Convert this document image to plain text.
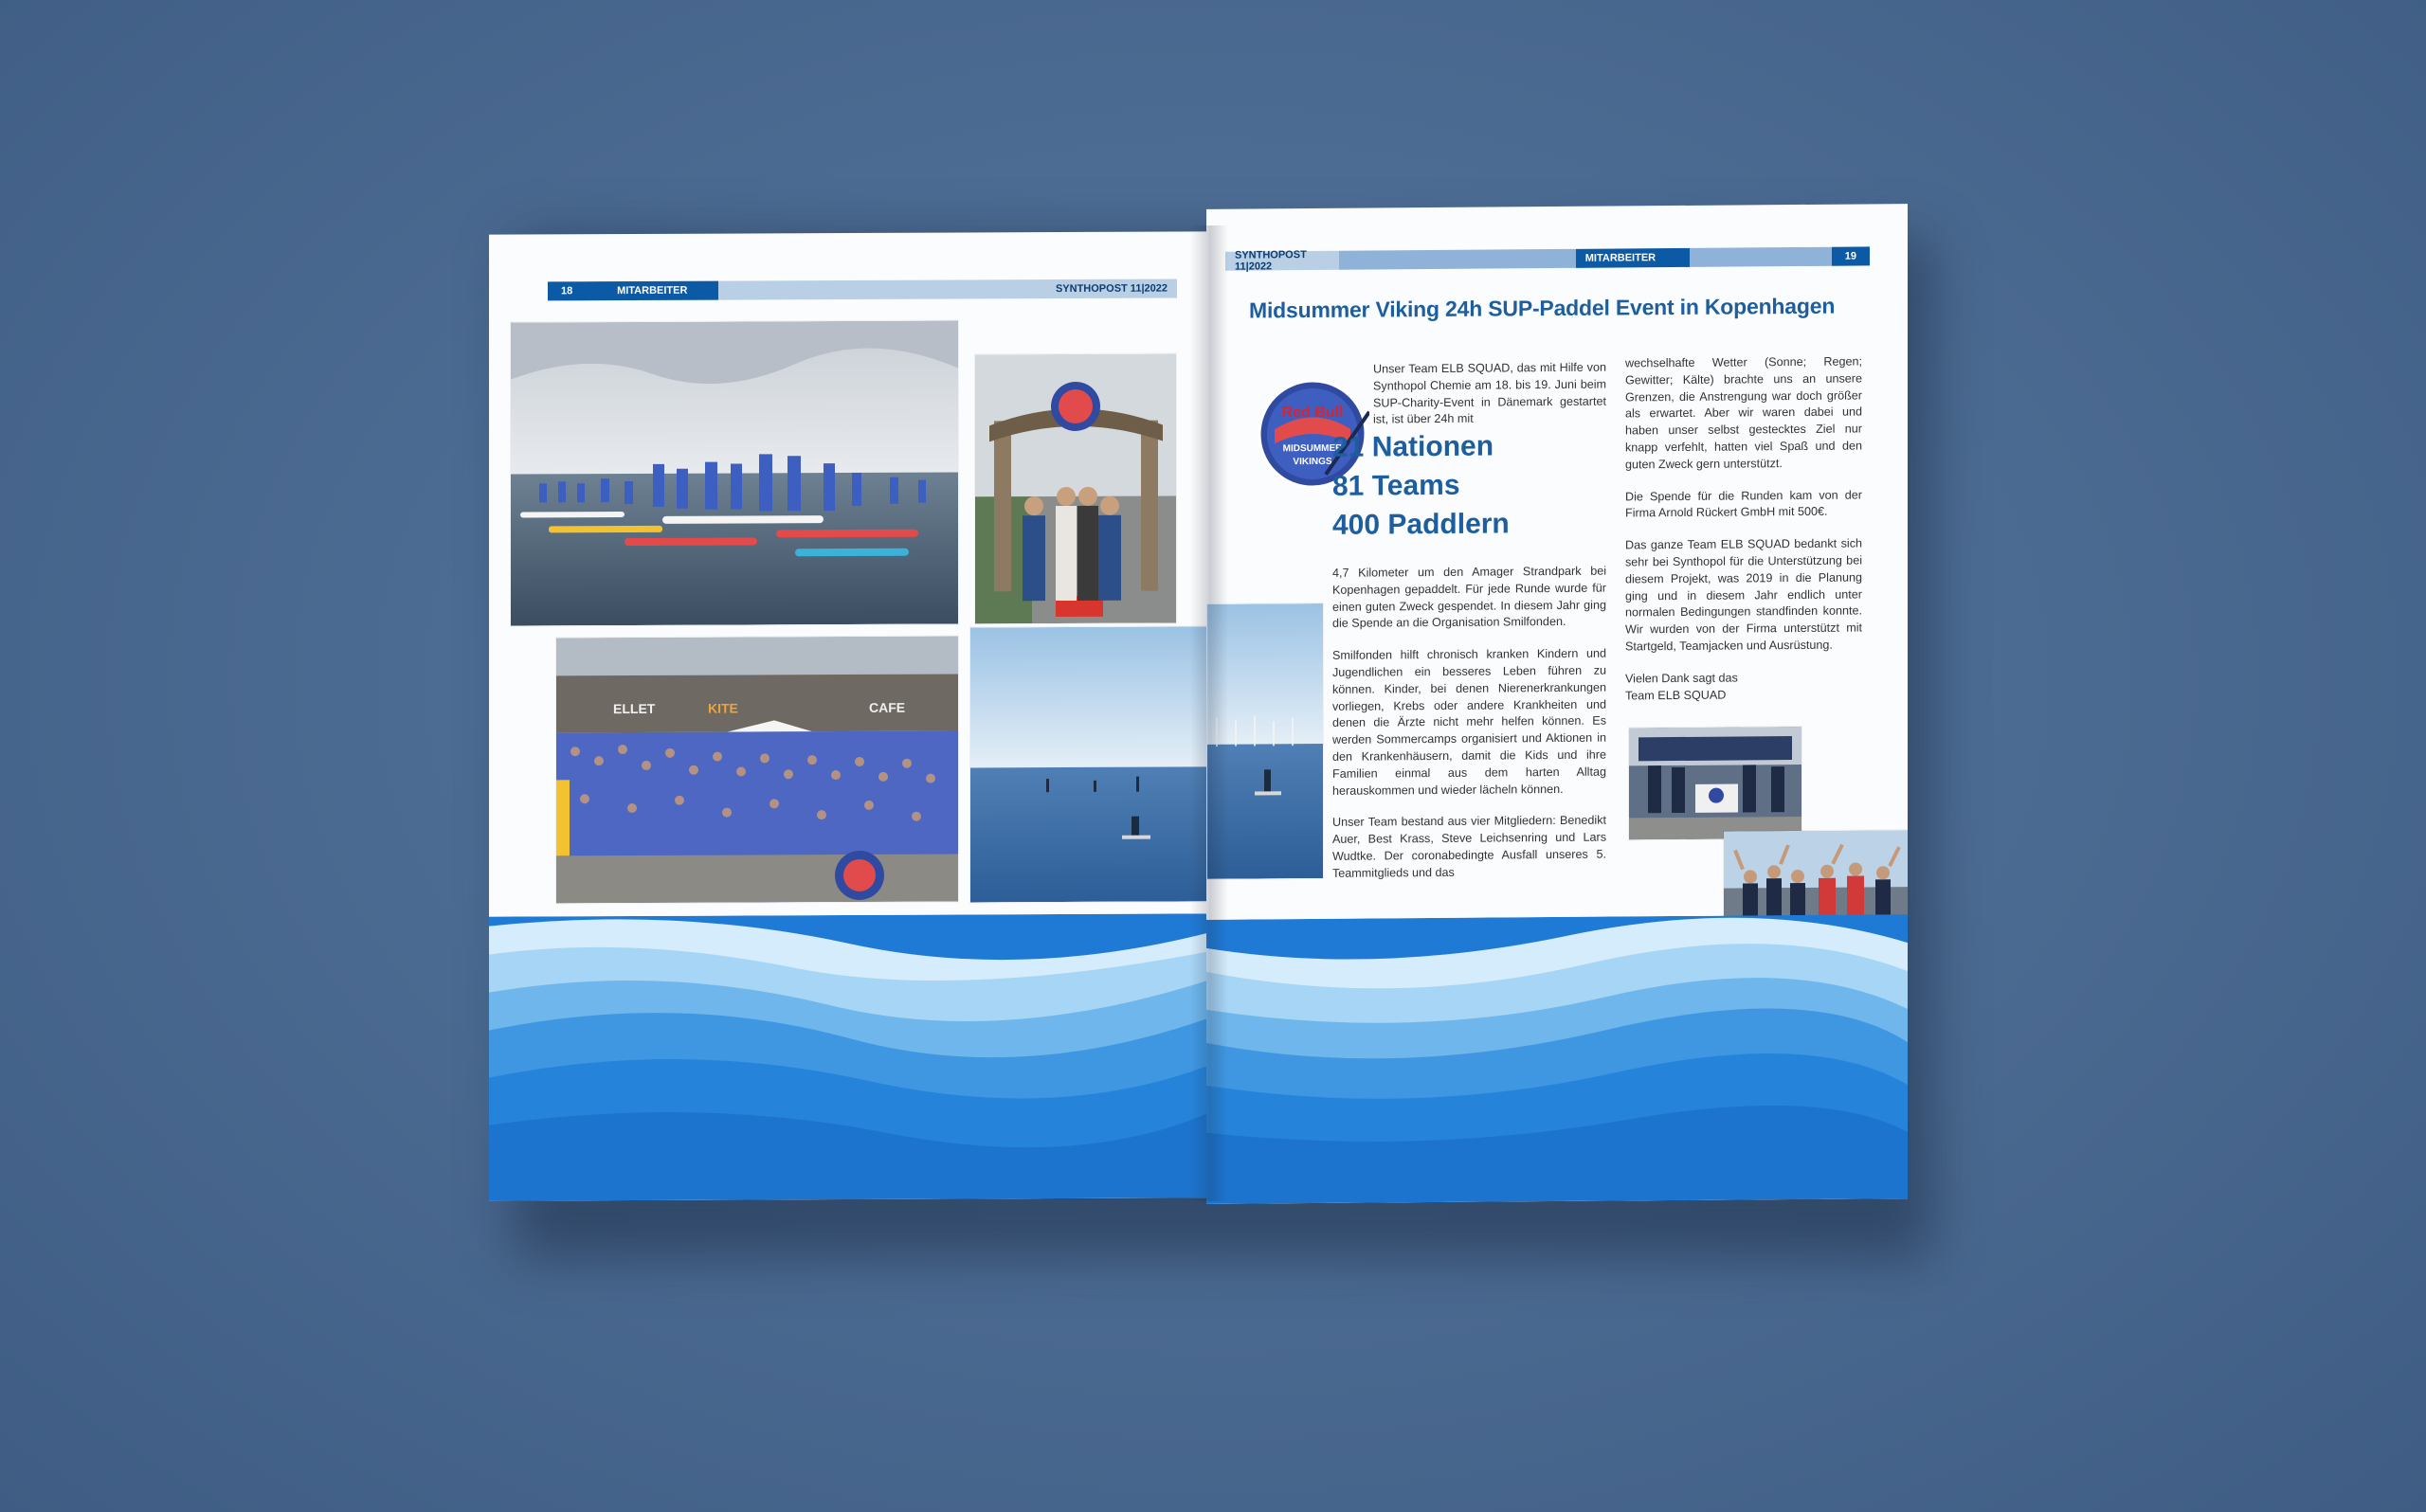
18	MITARBEITER	SYNTHOPOST 11|2022
ELLET	KITE	CAFE
SYNTHOPOST 11|2022
MITARBEITER	19
Midsummer Viking 24h SUP-Paddel Event in Kopenhagen
Red Bull
MIDSUMMER
VIKINGS

Unser Team ELB SQUAD, das mit Hilfe von Synthopol Chemie am 18. bis 19. Juni beim SUP-Charity-Event in Dänemark gestartet ist, ist über 24h mit

21 Nationen
81 Teams
400 Paddlern

4,7 Kilometer um den Amager Strandpark bei Kopenhagen gepaddelt. Für jede Runde wurde für einen guten Zweck gespendet. In diesem Jahr ging die Spende an die Organisation Smilfonden.

Smilfonden hilft chronisch kranken Kindern und Jugendlichen ein besseres Leben führen zu können. Kinder, bei denen Nierenerkrankungen vorliegen, Krebs oder andere Krankheiten und denen die Ärzte nicht mehr helfen können. Es werden Sommercamps organisiert und Aktionen in den Krankenhäusern, damit die Kids und ihre Familien einmal aus dem harten Alltag herauskommen und wieder lächeln können.

Unser Team bestand aus vier Mitgliedern: Benedikt Auer, Best Krass, Steve Leichsenring und Lars Wudtke. Der coronabedingte Ausfall unseres 5. Teammitglieds und das

wechselhafte Wetter (Sonne; Regen; Gewitter; Kälte) brachte uns an unsere Grenzen, die Anstrengung war doch größer als erwartet. Aber wir waren dabei und haben unser selbst gestecktes Ziel nur knapp verfehlt, hatten viel Spaß und den guten Zweck gern unterstützt.

Die Spende für die Runden kam von der Firma Arnold Rückert GmbH mit 500€.

Das ganze Team ELB SQUAD bedankt sich sehr bei Synthopol für die Unterstützung bei diesem Projekt, was 2019 in die Planung ging und in diesem Jahr endlich unter normalen Bedingungen standfinden konnte. Wir wurden von der Firma unterstützt mit Startgeld, Teamjacken und Ausrüstung.

Vielen Dank sagt das Team ELB SQUAD
